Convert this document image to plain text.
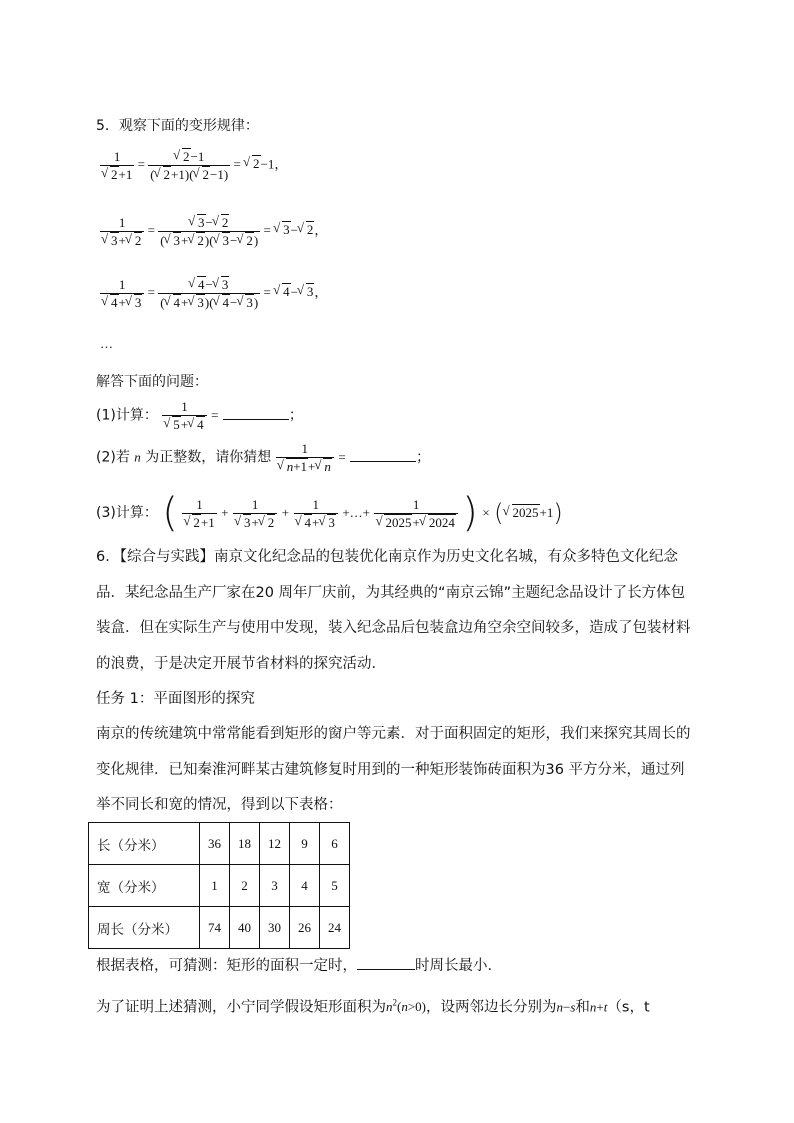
5．观察下面的变形规律：
1
√ 2+1 = √ $\frac{2-1}{( √ 2+1)( √ 2-1)}$ = √ 2−1，
1
√ 3+ √ 2 = √ $\frac{3- √ 2}{( √ 3+ √ 2)( √ 3- √ 2)}$ = √ 3− √ 2，
1
√ 4+ √ 3 = √ $\frac{4- √ 3}{( √ 4+ √ 3)( √ 4- √ 3)}$ = √ 4− √ 3，
…
解答下面的问题：
(1)计算： 1
√ 5+ √ 4 =	；
(2)若 n 为正整数，请你猜想 1
√ n+1+ √ n =	；
(3)计算： ( 1
√ 2+1 + 1
√ 3+ √ 2 + 1
√ 4+ √ 3 +…+ 1
√ 2025+ √ 2024 ) × ( √ 2025+1)
6．【综合与实践】南京文化纪念品的包装优化南京作为历史文化名城，有众多特色文化纪念
品．某纪念品生产厂家在20 周年厂庆前，为其经典的“南京云锦”主题纪念品设计了长方体包
装盒．但在实际生产与使用中发现，装入纪念品后包装盒边角空余空间较多，造成了包装材料
的浪费，于是决定开展节省材料的探究活动．
任务 1：平面图形的探究
南京的传统建筑中常常能看到矩形的窗户等元素．对于面积固定的矩形，我们来探究其周长的
变化规律．已知秦淮河畔某古建筑修复时用到的一种矩形装饰砖面积为36 平方分米，通过列
举不同长和宽的情况，得到以下表格：
长（分米）	36	18	12	9	6
宽（分米）	1	2	3	4	5
周长（分米）	74	40	30	26	24
根据表格，可猜测：矩形的面积一定时，	时周长最小．
为了证明上述猜测，小宁同学假设矩形面积为$n^2(n>0)$，设两邻边长分别为n−s和n+t（s，t
